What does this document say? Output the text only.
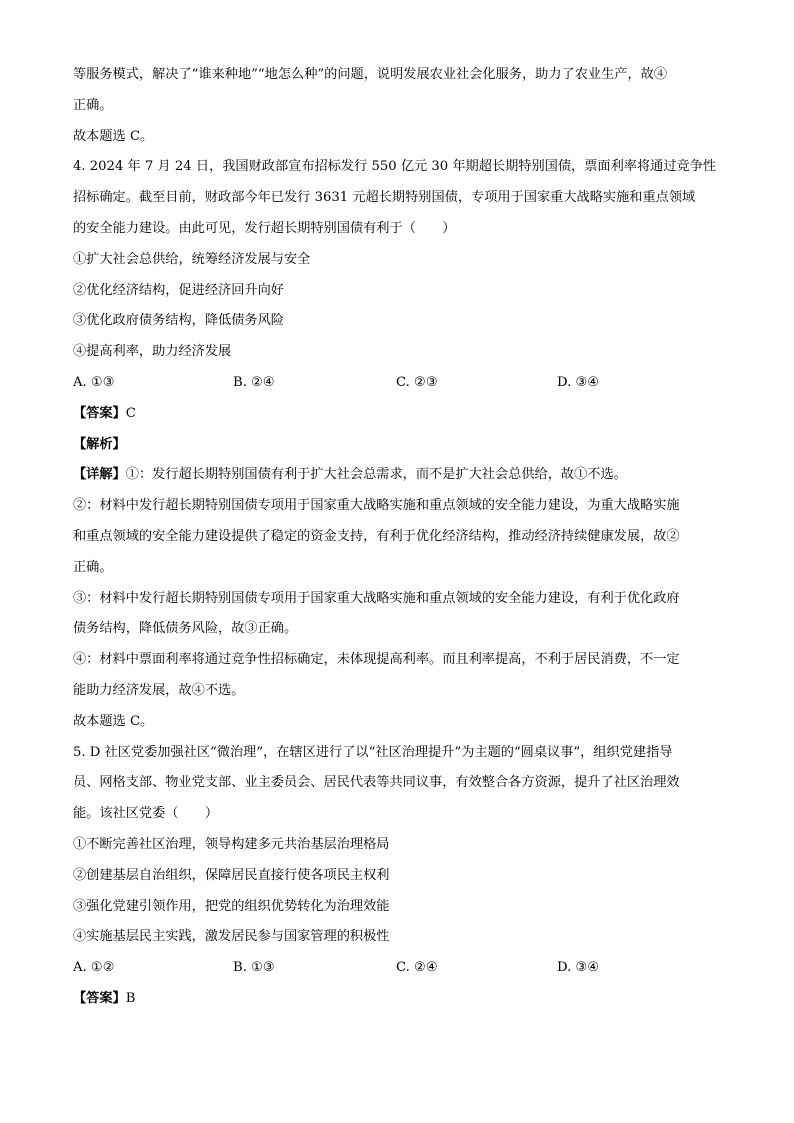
等服务模式，解决了“谁来种地”“地怎么种”的问题，说明发展农业社会化服务，助力了农业生产，故④
正确。
故本题选 C。
4. 2024 年 7 月 24 日，我国财政部宣布招标发行 550 亿元 30 年期超长期特别国债，票面利率将通过竞争性
招标确定。截至目前，财政部今年已发行 3631 元超长期特别国债，专项用于国家重大战略实施和重点领域
的安全能力建设。由此可见，发行超长期特别国债有利于（　　）
①扩大社会总供给，统筹经济发展与安全
②优化经济结构，促进经济回升向好
③优化政府债务结构，降低债务风险
④提高利率，助力经济发展
A. ①③	B. ②④	C. ②③	D. ③④
【答案】C
【解析】
【详解】①：发行超长期特别国债有利于扩大社会总需求，而不是扩大社会总供给，故①不选。
②：材料中发行超长期特别国债专项用于国家重大战略实施和重点领域的安全能力建设，为重大战略实施
和重点领域的安全能力建设提供了稳定的资金支持，有利于优化经济结构，推动经济持续健康发展，故②
正确。
③：材料中发行超长期特别国债专项用于国家重大战略实施和重点领域的安全能力建设，有利于优化政府
债务结构，降低债务风险，故③正确。
④：材料中票面利率将通过竞争性招标确定，未体现提高利率。而且利率提高，不利于居民消费，不一定
能助力经济发展，故④不选。
故本题选 C。
5. D 社区党委加强社区“微治理”，在辖区进行了以“社区治理提升”为主题的“圆桌议事”，组织党建指导
员、网格支部、物业党支部、业主委员会、居民代表等共同议事，有效整合各方资源，提升了社区治理效
能。该社区党委（　　）
①不断完善社区治理，领导构建多元共治基层治理格局
②创建基层自治组织，保障居民直接行使各项民主权利
③强化党建引领作用，把党的组织优势转化为治理效能
④实施基层民主实践，激发居民参与国家管理的积极性
A. ①②	B. ①③	C. ②④	D. ③④
【答案】B
